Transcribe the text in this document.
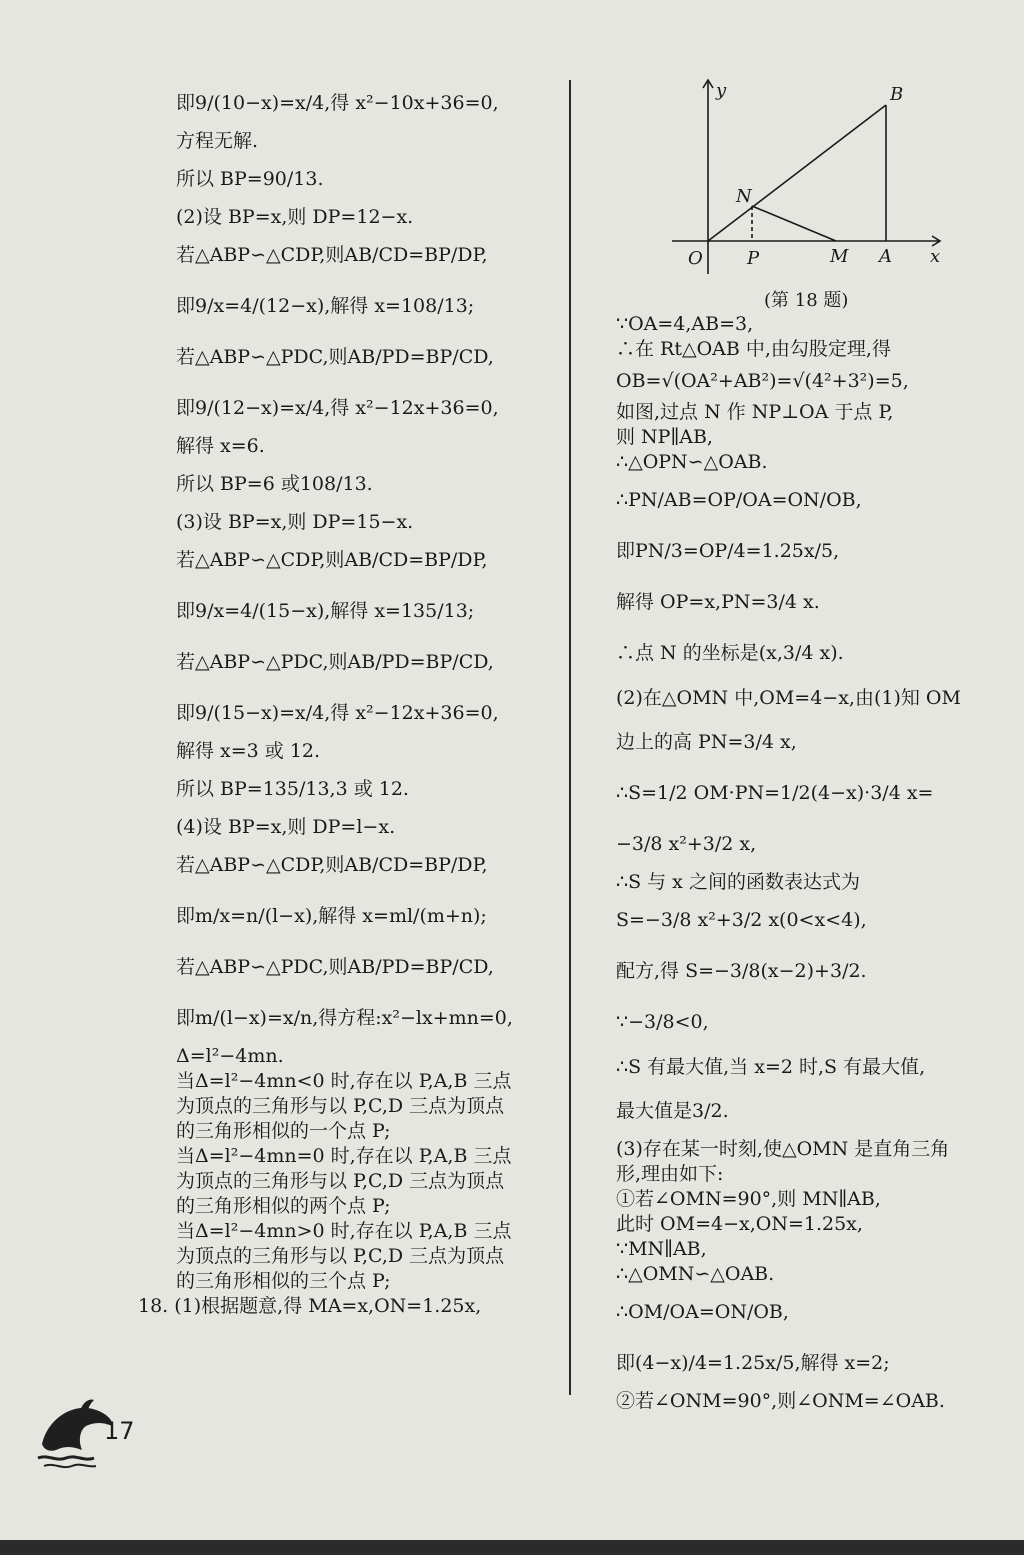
即9/(10−x)=x/4,得 x²−10x+36=0,
方程无解.
所以 BP=90/13.
(2)设 BP=x,则 DP=12−x.
若△ABP∽△CDP,则AB/CD=BP/DP,
即9/x=4/(12−x),解得 x=108/13;
若△ABP∽△PDC,则AB/PD=BP/CD,
即9/(12−x)=x/4,得 x²−12x+36=0,
解得 x=6.
所以 BP=6 或108/13.
(3)设 BP=x,则 DP=15−x.
若△ABP∽△CDP,则AB/CD=BP/DP,
即9/x=4/(15−x),解得 x=135/13;
若△ABP∽△PDC,则AB/PD=BP/CD,
即9/(15−x)=x/4,得 x²−12x+36=0,
解得 x=3 或 12.
所以 BP=135/13,3 或 12.
(4)设 BP=x,则 DP=l−x.
若△ABP∽△CDP,则AB/CD=BP/DP,
即m/x=n/(l−x),解得 x=ml/(m+n);
若△ABP∽△PDC,则AB/PD=BP/CD,
即m/(l−x)=x/n,得方程:x²−lx+mn=0,
Δ=l²−4mn.
当Δ=l²−4mn<0 时,存在以 P,A,B 三点
为顶点的三角形与以 P,C,D 三点为顶点
的三角形相似的一个点 P;
当Δ=l²−4mn=0 时,存在以 P,A,B 三点
为顶点的三角形与以 P,C,D 三点为顶点
的三角形相似的两个点 P;
当Δ=l²−4mn>0 时,存在以 P,A,B 三点
为顶点的三角形与以 P,C,D 三点为顶点
的三角形相似的三个点 P;
18. (1)根据题意,得 MA=x,ON=1.25x,
y	B
N
O P	M A x
(第 18 题)
∵OA=4,AB=3,
∴在 Rt△OAB 中,由勾股定理,得
OB=√(OA²+AB²)=√(4²+3²)=5,
如图,过点 N 作 NP⊥OA 于点 P,
则 NP∥AB,
∴△OPN∽△OAB.
∴PN/AB=OP/OA=ON/OB,
即PN/3=OP/4=1.25x/5,
解得 OP=x,PN=3/4 x.
∴点 N 的坐标是(x,3/4 x).
(2)在△OMN 中,OM=4−x,由(1)知 OM
边上的高 PN=3/4 x,
∴S=1/2 OM·PN=1/2(4−x)·3/4 x=
−3/8 x²+3/2 x,
∴S 与 x 之间的函数表达式为
S=−3/8 x²+3/2 x(0<x<4),
配方,得 S=−3/8(x−2)+3/2.
∵−3/8<0,
∴S 有最大值,当 x=2 时,S 有最大值,
最大值是3/2.
(3)存在某一时刻,使△OMN 是直角三角
形,理由如下:
①若∠OMN=90°,则 MN∥AB,
此时 OM=4−x,ON=1.25x,
∵MN∥AB,
∴△OMN∽△OAB.
∴OM/OA=ON/OB,
即(4−x)/4=1.25x/5,解得 x=2;
②若∠ONM=90°,则∠ONM=∠OAB.
17
